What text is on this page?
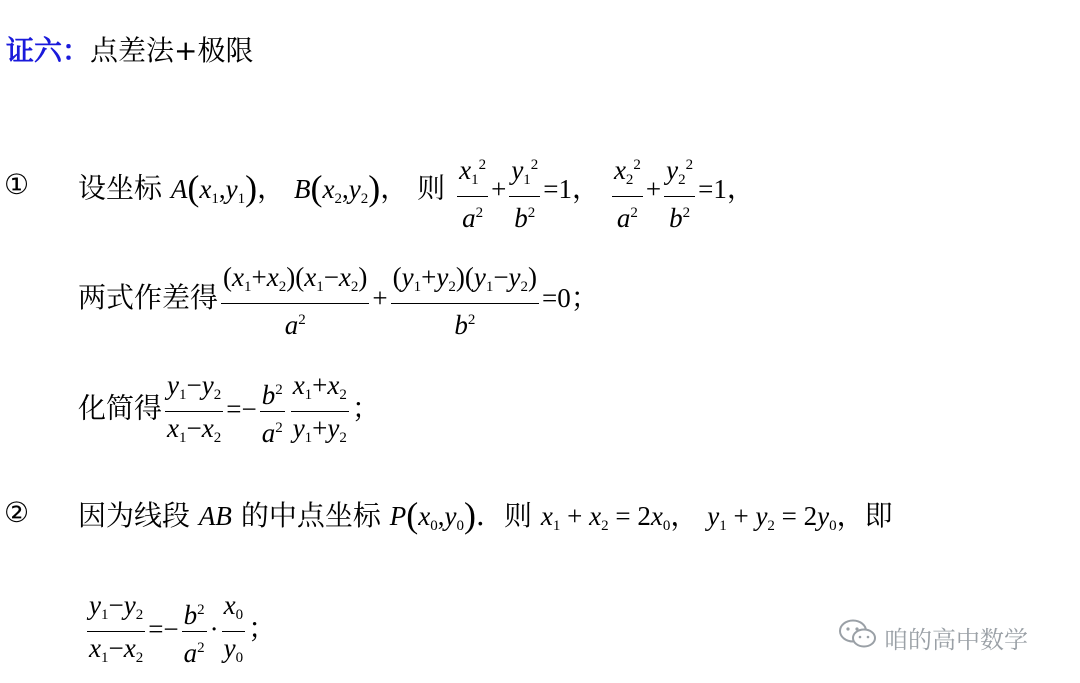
证六：点差法+极限
① 设坐标 $A(x_1,y_1)$， $B(x_2,y_2)$， 则 $\frac{x_1^2}{a^2} + \frac{y_1^2}{b^2} =1$， $\frac{x_2^2}{a^2} + \frac{y_2^2}{b^2} =1$，
两式作差得 $\frac{(x_1+x_2)(x_1-x_2)}{a^2} + \frac{(y_1+y_2)(y_1-y_2)}{b^2} =0$；
化简得 $\frac{y_1-y_2}{x_1-x_2} =- \frac{b^2}{a^2} \frac{x_1+x_2}{y_1+y_2}$ ；
② 因为线段 AB 的中点坐标 $P(x_0,y_0)$．则 $x_1 + x_2 = 2x_0$， $y_1 + y_2 = 2y_0$，即
$\frac{y_1-y_2}{x_1-x_2} =- \frac{b^2}{a^2} \cdot \frac{x_0}{y_0}$ ；	咱的高中数学
